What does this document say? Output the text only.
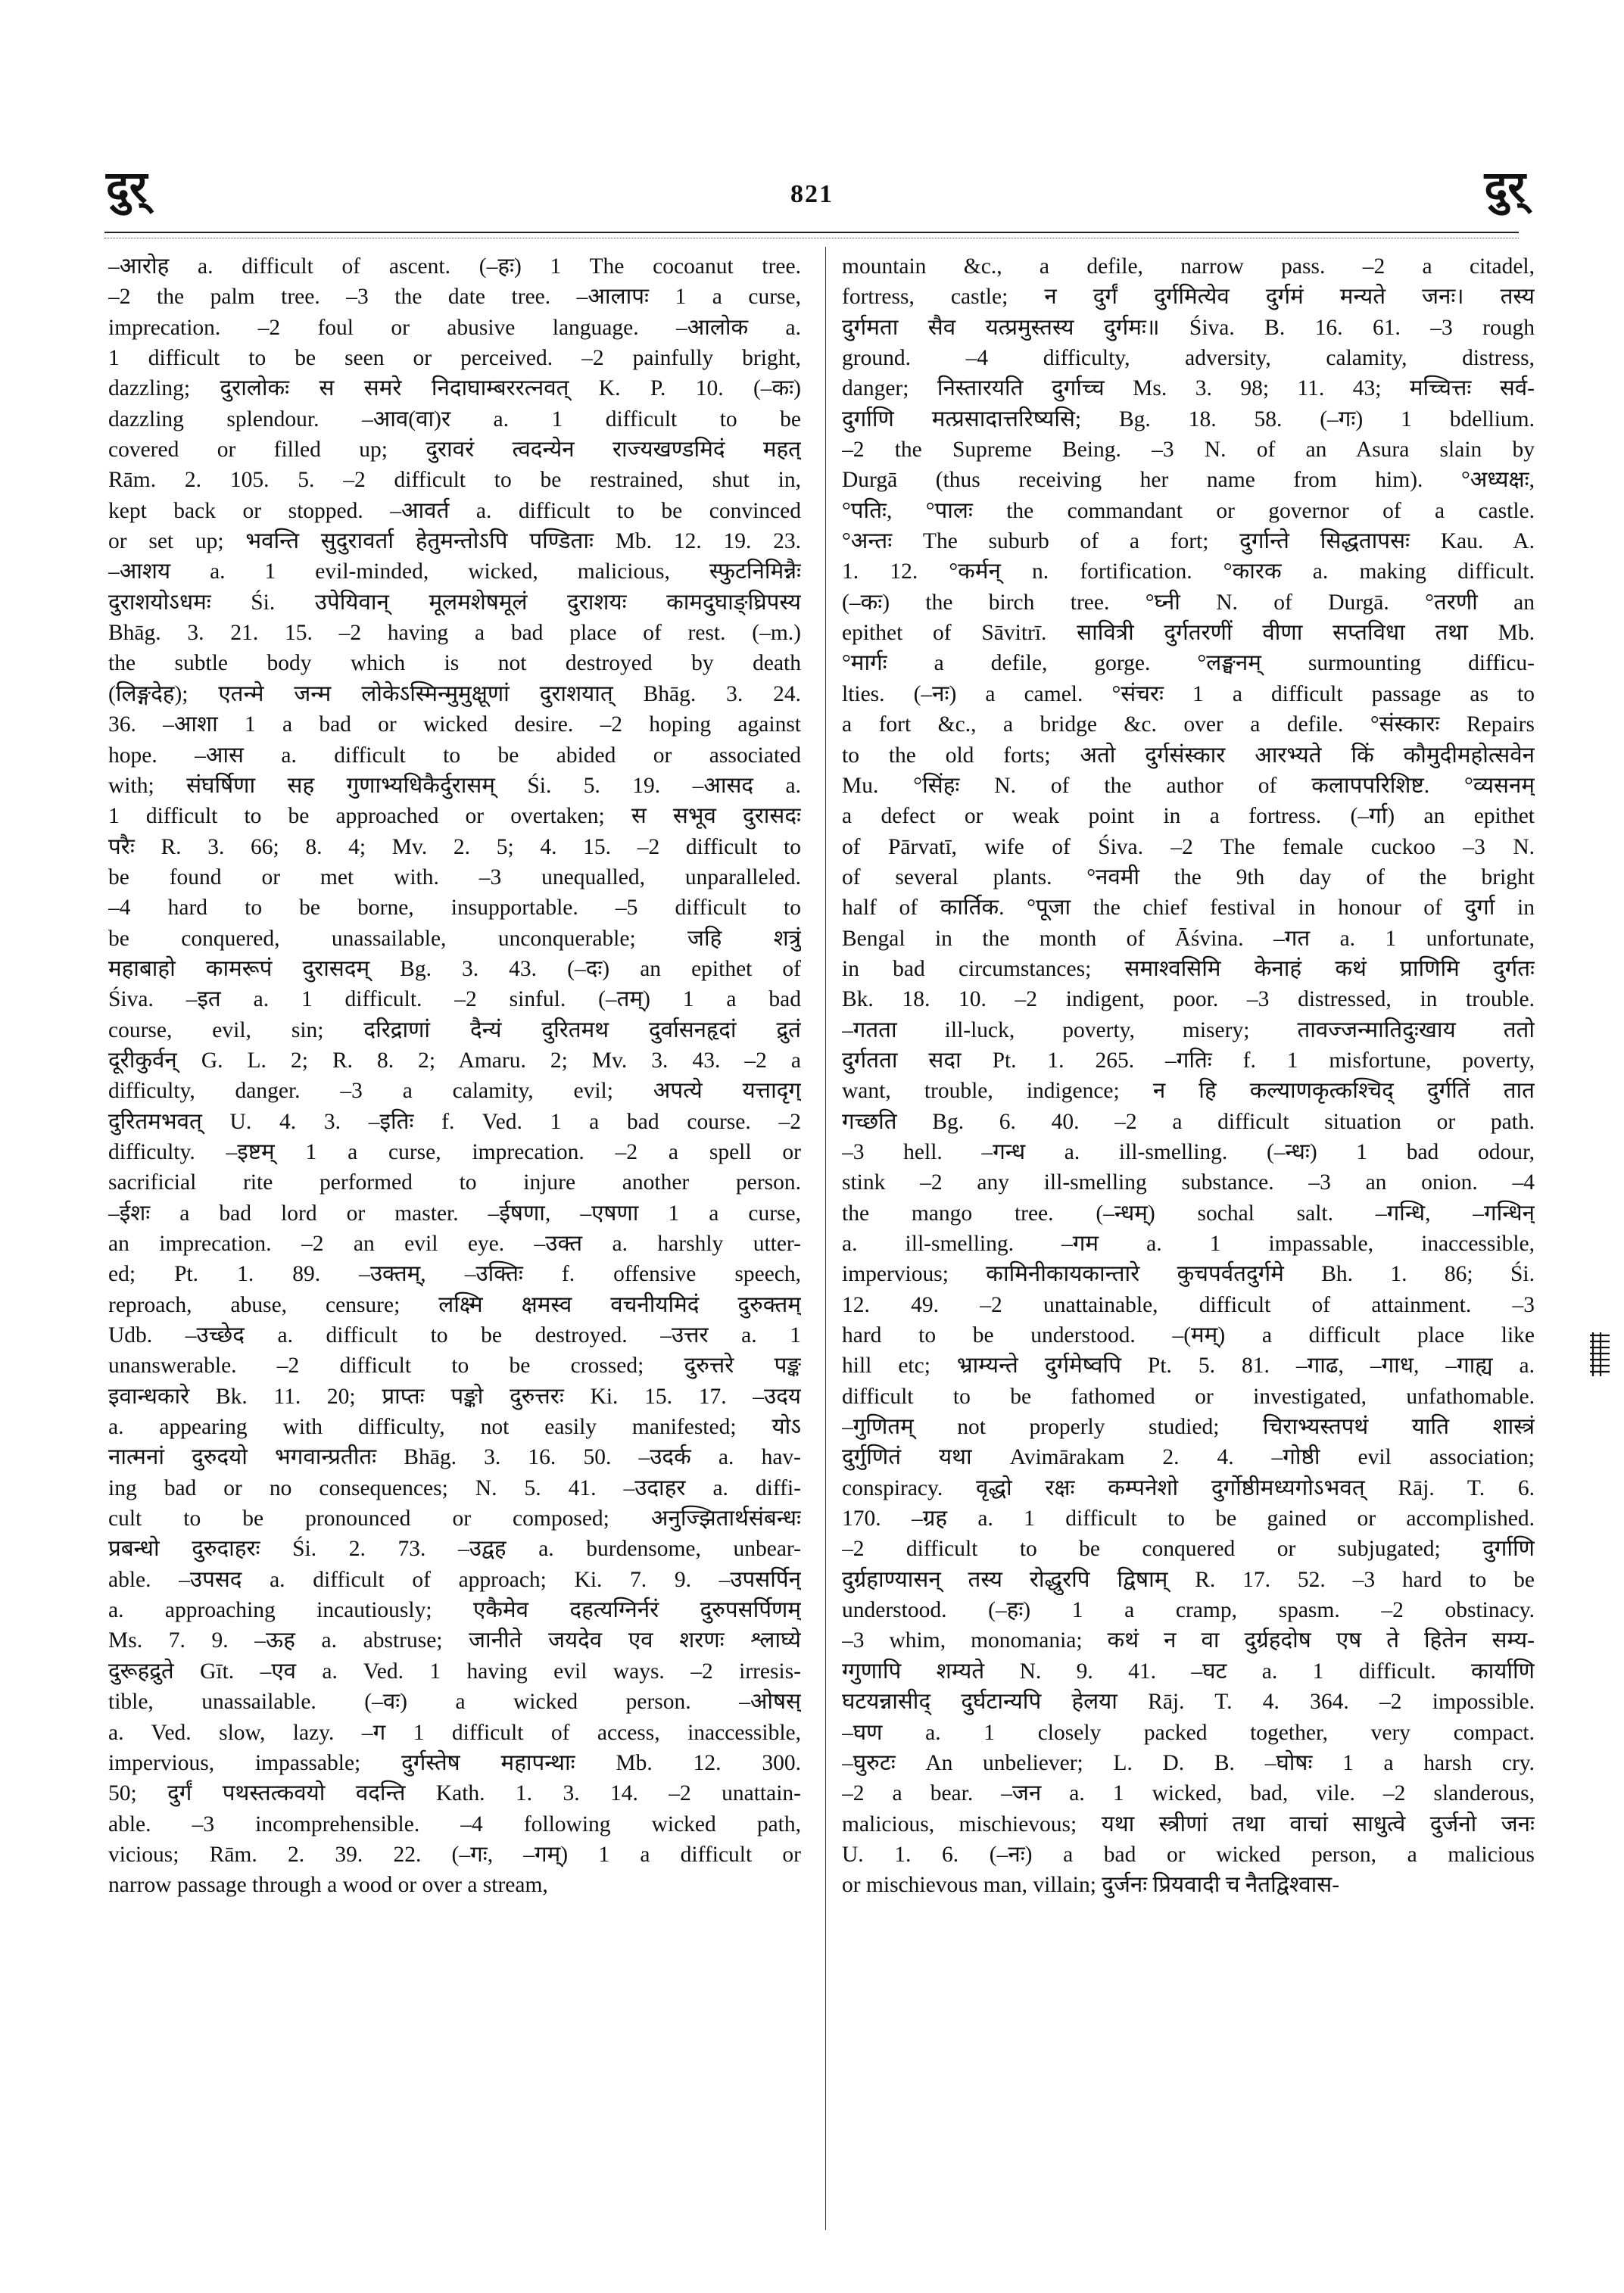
दुर्	821	दुर्

–आरोह a. difficult of ascent. (–हः) 1 The cocoanut tree.

–2 the palm tree. –3 the date tree. –आलापः 1 a curse,

imprecation. –2 foul or abusive language. –आलोक a.

1 difficult to be seen or perceived. –2 painfully bright,

dazzling; दुरालोकः स समरे निदाघाम्बररत्नवत् K. P. 10. (–कः)

dazzling splendour. –आव(वा)र a. 1 difficult to be

covered or filled up; दुरावरं त्वदन्येन राज्यखण्डमिदं महत्

Rām. 2. 105. 5. –2 difficult to be restrained, shut in,

kept back or stopped. –आवर्त a. difficult to be convinced

or set up; भवन्ति सुदुरावर्ता हेतुमन्तोऽपि पण्डिताः Mb. 12. 19. 23.

–आशय a. 1 evil-minded, wicked, malicious, स्फुटनिमिन्नैः

दुराशयोऽधमः Śi. उपेयिवान् मूलमशेषमूलं दुराशयः कामदुघाङ्घ्रिपस्य

Bhāg. 3. 21. 15. –2 having a bad place of rest. (–m.)

the subtle body which is not destroyed by death

(लिङ्गदेह); एतन्मे जन्म लोकेऽस्मिन्मुमुक्षूणां दुराशयात् Bhāg. 3. 24.

36. –आशा 1 a bad or wicked desire. –2 hoping against

hope. –आस a. difficult to be abided or associated

with; संघर्षिणा सह गुणाभ्यधिकैर्दुरासम् Śi. 5. 19. –आसद a.

1 difficult to be approached or overtaken; स सभूव दुरासदः

परैः R. 3. 66; 8. 4; Mv. 2. 5; 4. 15. –2 difficult to

be found or met with. –3 unequalled, unparalleled.

–4 hard to be borne, insupportable. –5 difficult to

be conquered, unassailable, unconquerable; जहि शत्रुं

महाबाहो कामरूपं दुरासदम् Bg. 3. 43. (–दः) an epithet of

Śiva. –इत a. 1 difficult. –2 sinful. (–तम्) 1 a bad

course, evil, sin; दरिद्राणां दैन्यं दुरितमथ दुर्वासनहृदां द्रुतं

दूरीकुर्वन् G. L. 2; R. 8. 2; Amaru. 2; Mv. 3. 43. –2 a

difficulty, danger. –3 a calamity, evil; अपत्ये यत्तादृग्

दुरितमभवत् U. 4. 3. –इतिः f. Ved. 1 a bad course. –2

difficulty. –इष्टम् 1 a curse, imprecation. –2 a spell or

sacrificial rite performed to injure another person.

–ईशः a bad lord or master. –ईषणा, –एषणा 1 a curse,

an imprecation. –2 an evil eye. –उक्त a. harshly utter-

ed; Pt. 1. 89. –उक्तम्, –उक्तिः f. offensive speech,

reproach, abuse, censure; लक्ष्मि क्षमस्व वचनीयमिदं दुरुक्तम्

Udb. –उच्छेद a. difficult to be destroyed. –उत्तर a. 1

unanswerable. –2 difficult to be crossed; दुरुत्तरे पङ्क

इवान्धकारे Bk. 11. 20; प्राप्तः पङ्को दुरुत्तरः Ki. 15. 17. –उदय

a. appearing with difficulty, not easily manifested; योऽ

नात्मनां दुरुदयो भगवान्प्रतीतः Bhāg. 3. 16. 50. –उदर्क a. hav-

ing bad or no consequences; N. 5. 41. –उदाहर a. diffi-

cult to be pronounced or composed; अनुज्झितार्थसंबन्धः

प्रबन्धो दुरुदाहरः Śi. 2. 73. –उद्वह a. burdensome, unbear-

able. –उपसद a. difficult of approach; Ki. 7. 9. –उपसर्पिन्

a. approaching incautiously; एकैमेव दहत्यग्निर्नरं दुरुपसर्पिणम्

Ms. 7. 9. –ऊह a. abstruse; जानीते जयदेव एव शरणः श्लाघ्ये

दुरूहद्रुते Gīt. –एव a. Ved. 1 having evil ways. –2 irresis-

tible, unassailable. (–वः) a wicked person. –ओषस्

a. Ved. slow, lazy. –ग 1 difficult of access, inaccessible,

impervious, impassable; दुर्गस्तेष महापन्थाः Mb. 12. 300.

50; दुर्गं पथस्तत्कवयो वदन्ति Kath. 1. 3. 14. –2 unattain-

able. –3 incomprehensible. –4 following wicked path,

vicious; Rām. 2. 39. 22. (–गः, –गम्) 1 a difficult or

narrow passage through a wood or over a stream,

mountain &c., a defile, narrow pass. –2 a citadel,

fortress, castle; न दुर्गं दुर्गमित्येव दुर्गमं मन्यते जनः। तस्य

दुर्गमता सैव यत्प्रमुस्तस्य दुर्गमः॥ Śiva. B. 16. 61. –3 rough

ground. –4 difficulty, adversity, calamity, distress,

danger; निस्तारयति दुर्गाच्च Ms. 3. 98; 11. 43; मच्चित्तः सर्व-

दुर्गाणि मत्प्रसादात्तरिष्यसि; Bg. 18. 58. (–गः) 1 bdellium.

–2 the Supreme Being. –3 N. of an Asura slain by

Durgā (thus receiving her name from him). °अध्यक्षः,

°पतिः, °पालः the commandant or governor of a castle.

°अन्तः The suburb of a fort; दुर्गान्ते सिद्धतापसः Kau. A.

1. 12. °कर्मन् n. fortification. °कारक a. making difficult.

(–कः) the birch tree. °घ्नी N. of Durgā. °तरणी an

epithet of Sāvitrī. सावित्री दुर्गतरणीं वीणा सप्तविधा तथा Mb.

°मार्गः a defile, gorge. °लङ्घनम् surmounting difficu-

lties. (–नः) a camel. °संचरः 1 a difficult passage as to

a fort &c., a bridge &c. over a defile. °संस्कारः Repairs

to the old forts; अतो दुर्गसंस्कार आरभ्यते किं कौमुदीमहोत्सवेन

Mu. °सिंहः N. of the author of कलापपरिशिष्ट. °व्यसनम्

a defect or weak point in a fortress. (–र्गा) an epithet

of Pārvatī, wife of Śiva. –2 The female cuckoo –3 N.

of several plants. °नवमी the 9th day of the bright

half of कार्तिक. °पूजा the chief festival in honour of दुर्गा in

Bengal in the month of Āśvina. –गत a. 1 unfortunate,

in bad circumstances; समाश्वसिमि केनाहं कथं प्राणिमि दुर्गतः

Bk. 18. 10. –2 indigent, poor. –3 distressed, in trouble.

–गतता ill-luck, poverty, misery; तावज्जन्मातिदुःखाय ततो

दुर्गतता सदा Pt. 1. 265. –गतिः f. 1 misfortune, poverty,

want, trouble, indigence; न हि कल्याणकृत्कश्चिद् दुर्गतिं तात

गच्छति Bg. 6. 40. –2 a difficult situation or path.

–3 hell. –गन्ध a. ill-smelling. (–न्धः) 1 bad odour,

stink –2 any ill-smelling substance. –3 an onion. –4

the mango tree. (–न्धम्) sochal salt. –गन्धि, –गन्धिन्

a. ill-smelling. –गम a. 1 impassable, inaccessible,

impervious; कामिनीकायकान्तारे कुचपर्वतदुर्गमे Bh. 1. 86; Śi.

12. 49. –2 unattainable, difficult of attainment. –3

hard to be understood. –(मम्) a difficult place like

hill etc; भ्राम्यन्ते दुर्गमेष्वपि Pt. 5. 81. –गाढ, –गाध, –गाह्य a.

difficult to be fathomed or investigated, unfathomable.

–गुणितम् not properly studied; चिराभ्यस्तपथं याति शास्त्रं

दुर्गुणितं यथा Avimārakam 2. 4. –गोष्ठी evil association;

conspiracy. वृद्धो रक्षः कम्पनेशो दुर्गोष्ठीमध्यगोऽभवत् Rāj. T. 6.

170. –ग्रह a. 1 difficult to be gained or accomplished.

–2 difficult to be conquered or subjugated; दुर्गाणि

दुर्ग्रहाण्यासन् तस्य रोद्धुरपि द्विषाम् R. 17. 52. –3 hard to be

understood. (–हः) 1 a cramp, spasm. –2 obstinacy.

–3 whim, monomania; कथं न वा दुर्ग्रहदोष एष ते हितेन सम्य-

ग्गुणापि शम्यते N. 9. 41. –घट a. 1 difficult. कार्याणि

घटयन्नासीद् दुर्घटान्यपि हेलया Rāj. T. 4. 364. –2 impossible.

–घण a. 1 closely packed together, very compact.

–घुरुटः An unbeliever; L. D. B. –घोषः 1 a harsh cry.

–2 a bear. –जन a. 1 wicked, bad, vile. –2 slanderous,

malicious, mischievous; यथा स्त्रीणां तथा वाचां साधुत्वे दुर्जनो जनः

U. 1. 6. (–नः) a bad or wicked person, a malicious

or mischievous man, villain; दुर्जनः प्रियवादी च नैतद्विश्वास-
